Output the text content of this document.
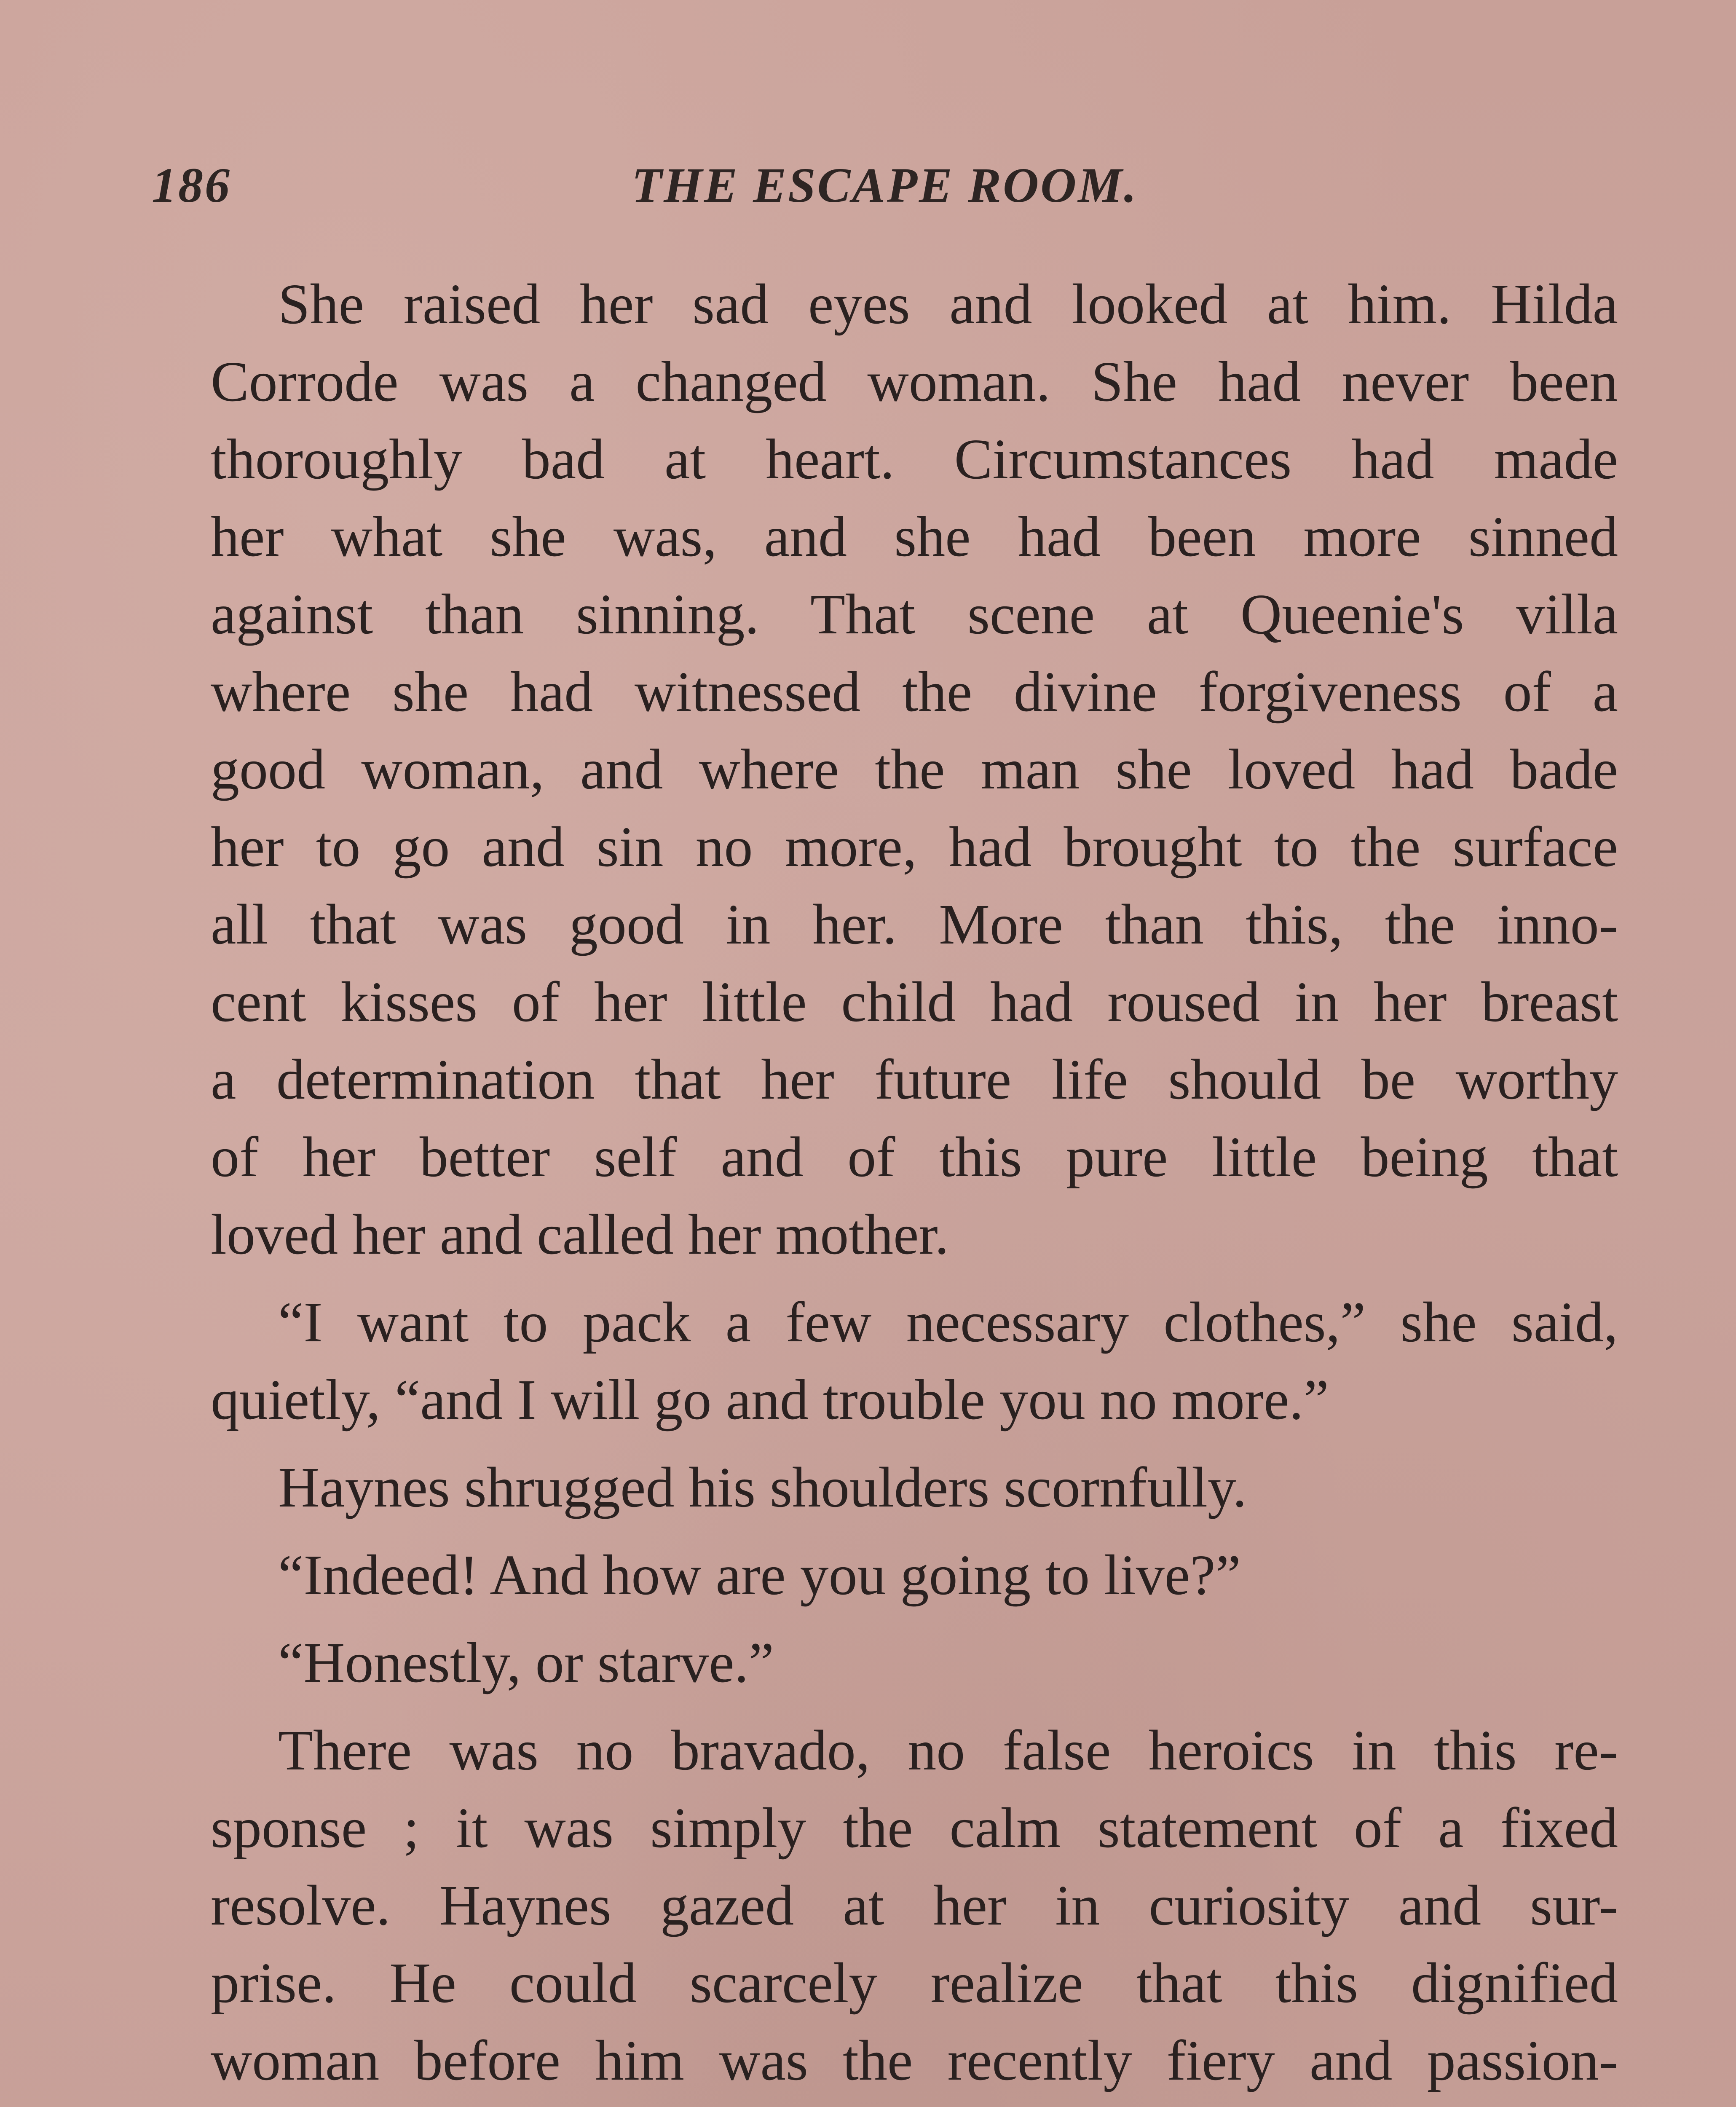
186	THE ESCAPE ROOM.
She raised her sad eyes and looked at him. Hilda
Corrode was a changed woman. She had never been
thoroughly bad at heart. Circumstances had made
her what she was, and she had been more sinned
against than sinning. That scene at Queenie's villa
where she had witnessed the divine forgiveness of a
good woman, and where the man she loved had bade
her to go and sin no more, had brought to the surface
all that was good in her. More than this, the inno-
cent kisses of her little child had roused in her breast
a determination that her future life should be worthy
of her better self and of this pure little being that
loved her and called her mother.
“I want to pack a few necessary clothes,” she said,
quietly, “and I will go and trouble you no more.”
Haynes shrugged his shoulders scornfully.
“Indeed! And how are you going to live?”
“Honestly, or starve.”
There was no bravado, no false heroics in this re-
sponse ; it was simply the calm statement of a fixed
resolve. Haynes gazed at her in curiosity and sur-
prise. He could scarcely realize that this dignified
woman before him was the recently fiery and passion-
